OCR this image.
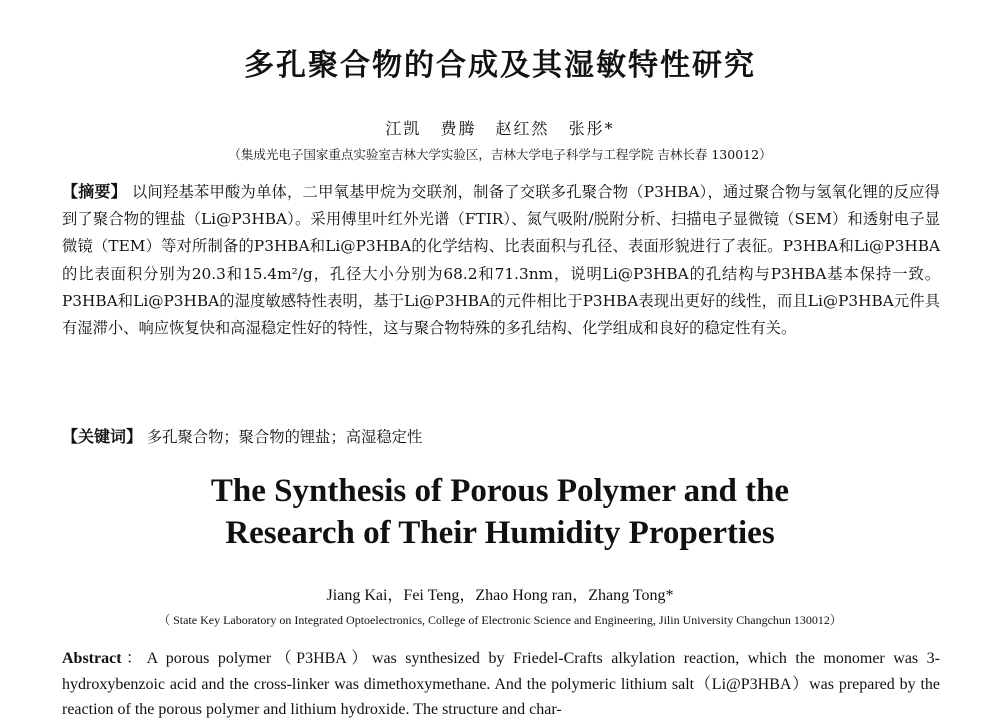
多孔聚合物的合成及其湿敏特性研究
江凯 费腾 赵红然 张彤*
（集成光电子国家重点实验室吉林大学实验区，吉林大学电子科学与工程学院 吉林长春 130012）

【摘要】 以间羟基苯甲酸为单体，二甲氧基甲烷为交联剂，制备了交联多孔聚合物（P3HBA），通过聚合物与氢氧化锂的反应得到了聚合物的锂盐（Li@P3HBA）。采用傅里叶红外光谱（FTIR）、氮气吸附/脱附分析、扫描电子显微镜（SEM）和透射电子显微镜（TEM）等对所制备的P3HBA和Li@P3HBA的化学结构、比表面积与孔径、表面形貌进行了表征。P3HBA和Li@P3HBA的比表面积分别为20.3和15.4m²/g，孔径大小分别为68.2和71.3nm，说明Li@P3HBA的孔结构与P3HBA基本保持一致。P3HBA和Li@P3HBA的湿度敏感特性表明，基于Li@P3HBA的元件相比于P3HBA表现出更好的线性，而且Li@P3HBA元件具有湿滞小、响应恢复快和高湿稳定性好的特性，这与聚合物特殊的多孔结构、化学组成和良好的稳定性有关。

【关键词】 多孔聚合物；聚合物的锂盐；高湿稳定性
The Synthesis of Porous Polymer and the
Research of Their Humidity Properties
Jiang Kai，Fei Teng，Zhao Hong ran，Zhang Tong*
（ State Key Laboratory on Integrated Optoelectronics, College of Electronic Science and Engineering, Jilin University Changchun 130012）

Abstract：A porous polymer（P3HBA）was synthesized by Friedel-Crafts alkylation reaction, which the monomer was 3-hydroxybenzoic acid and the cross-linker was dimethoxymethane. And the polymeric lithium salt（Li@P3HBA）was prepared by the reaction of the porous polymer and lithium hydroxide. The structure and char-
